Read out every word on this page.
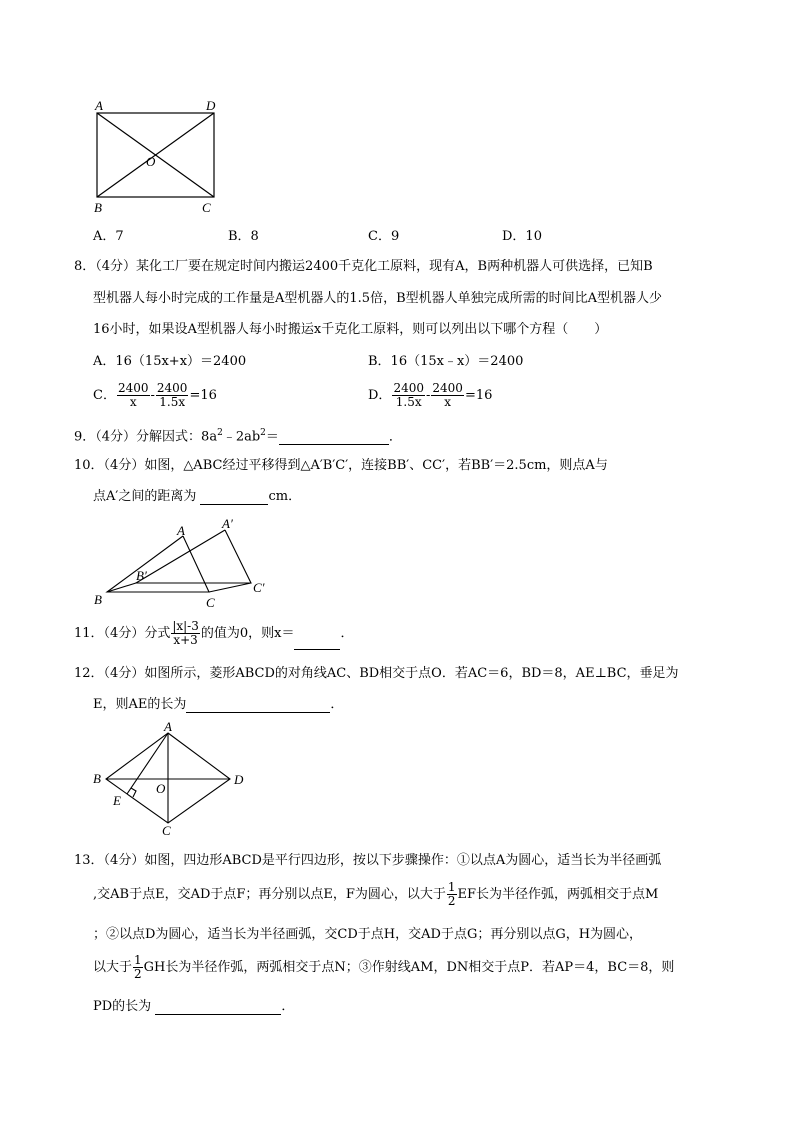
A	D
O
B	C
A	A′
B′
C′
B	C
A
B	D
O
E
C
A．7	B．8	C．9	D．10
8．（4分）某化工厂要在规定时间内搬运2400千克化工原料，现有A，B两种机器人可供选择，已知B
型机器人每小时完成的工作量是A型机器人的1.5倍，B型机器人单独完成所需的时间比A型机器人少
16小时，如果设A型机器人每小时搬运x千克化工原料，则可以列出以下哪个方程（　　）
A．16（15x+x）＝2400	B．16（15x﹣x）＝2400
C． $\frac{2400}{x} - \frac{2400}{1.5x} =16$	D． $\frac{2400}{1.5x} - \frac{2400}{x} =16$
9．（4分）分解因式：$8a^2﹣2ab^2=$	．
10．（4分）如图，△ABC经过平移得到△A′B′C′，连接BB′、CC′，若BB′＝2.5cm，则点A与
点A′之间的距离为	cm．
11．（4分）分式 $\frac{|x|-3}{x+3}$ 的值为0，则x＝	．
12．（4分）如图所示，菱形ABCD的对角线AC、BD相交于点O．若AC＝6，BD＝8，AE⊥BC，垂足为
E，则AE的长为	．
13．（4分）如图，四边形ABCD是平行四边形，按以下步骤操作：①以点A为圆心，适当长为半径画弧
,交AB于点E，交AD于点F；再分别以点E，F为圆心，以大于 $\frac{1}{2}$ EF长为半径作弧，两弧相交于点M
；②以点D为圆心，适当长为半径画弧，交CD于点H，交AD于点G；再分别以点G，H为圆心，
以大于 $\frac{1}{2}$ GH长为半径作弧，两弧相交于点N；③作射线AM，DN相交于点P．若AP＝4，BC＝8，则
PD的长为	．
